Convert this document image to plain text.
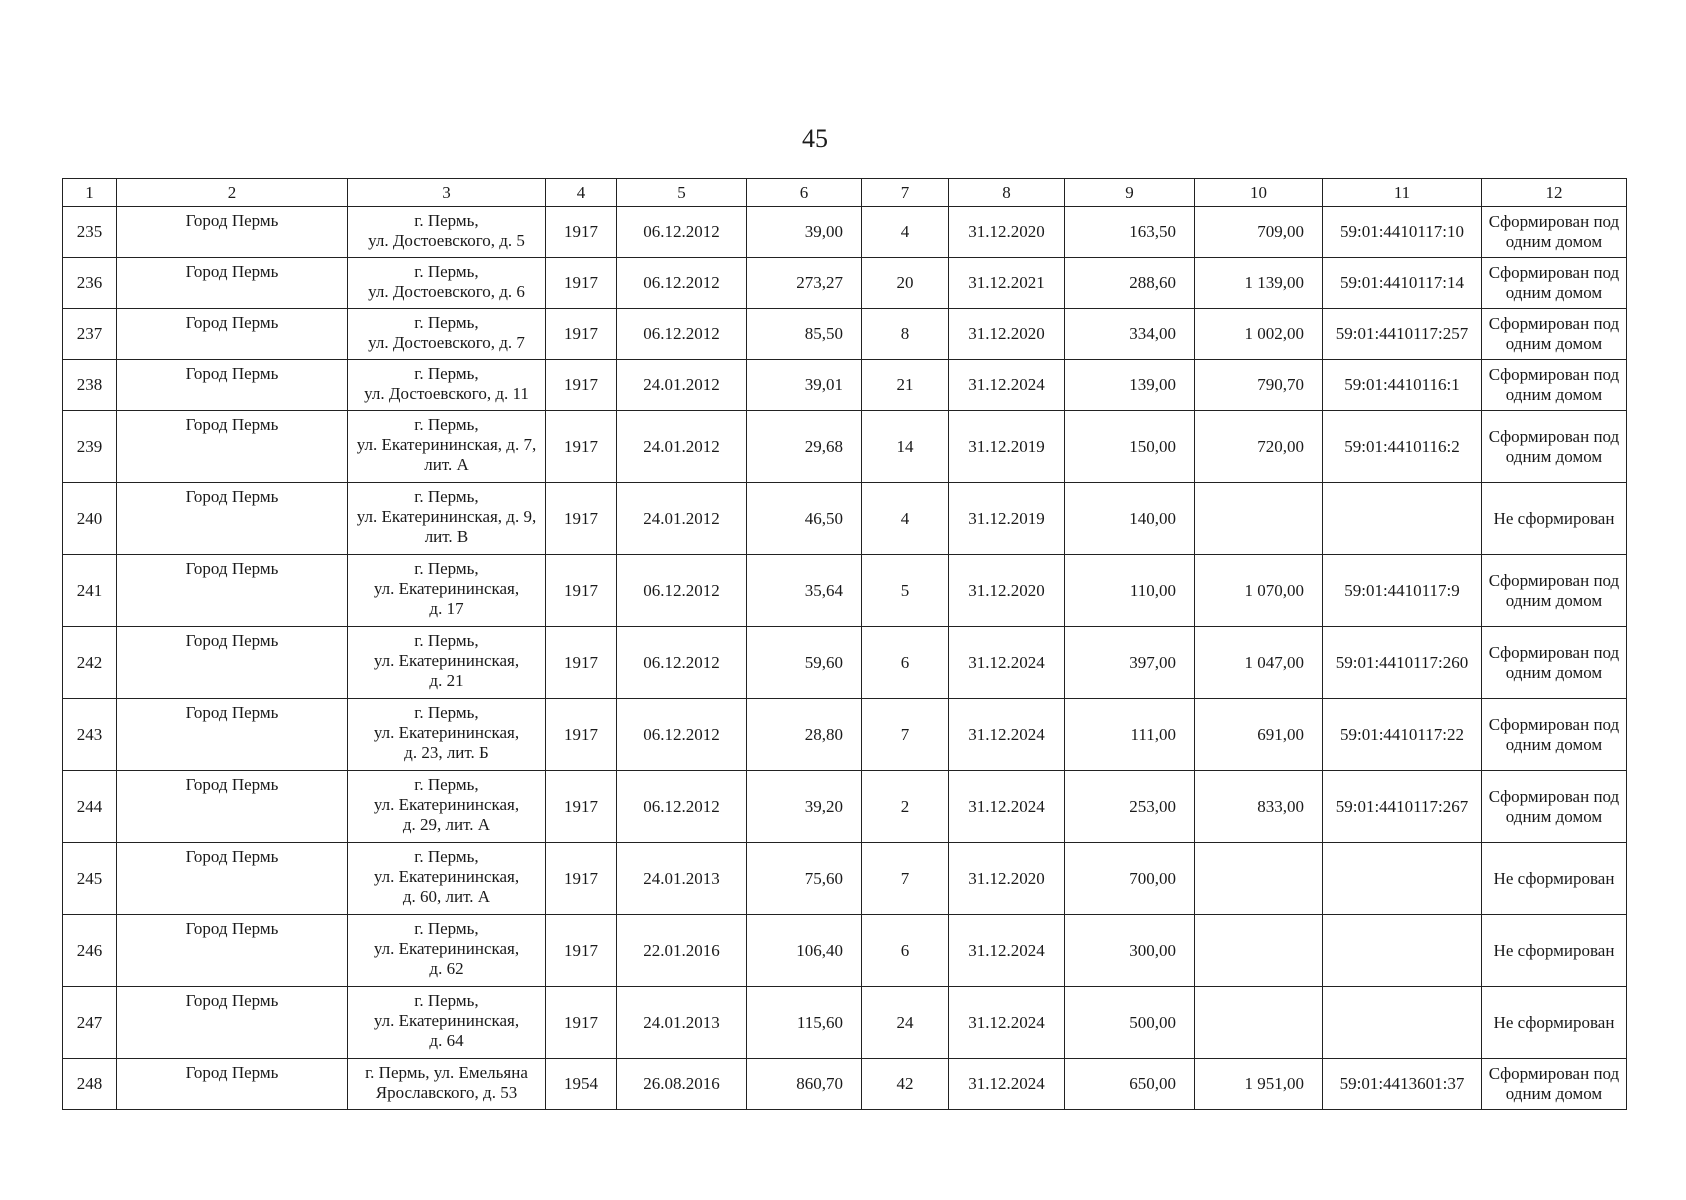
45
1	2	3	4	5	6	7	8	9	10	11	12
235	Город Пермь	г. Пермь,
ул. Достоевского, д. 5	1917	06.12.2012	39,00	4	31.12.2020	163,50	709,00	59:01:4410117:10	Сформирован под одним домом
236	Город Пермь	г. Пермь,
ул. Достоевского, д. 6	1917	06.12.2012	273,27	20	31.12.2021	288,60	1 139,00	59:01:4410117:14	Сформирован под одним домом
237	Город Пермь	г. Пермь,
ул. Достоевского, д. 7	1917	06.12.2012	85,50	8	31.12.2020	334,00	1 002,00	59:01:4410117:257	Сформирован под одним домом
238	Город Пермь	г. Пермь,
ул. Достоевского, д. 11	1917	24.01.2012	39,01	21	31.12.2024	139,00	790,70	59:01:4410116:1	Сформирован под одним домом
239	Город Пермь	г. Пермь,
ул. Екатерининская, д. 7,
лит. А	1917	24.01.2012	29,68	14	31.12.2019	150,00	720,00	59:01:4410116:2	Сформирован под одним домом
240	Город Пермь	г. Пермь,
ул. Екатерининская, д. 9,
лит. В	1917	24.01.2012	46,50	4	31.12.2019	140,00			Не сформирован
241	Город Пермь	г. Пермь,
ул. Екатерининская,
д. 17	1917	06.12.2012	35,64	5	31.12.2020	110,00	1 070,00	59:01:4410117:9	Сформирован под одним домом
242	Город Пермь	г. Пермь,
ул. Екатерининская,
д. 21	1917	06.12.2012	59,60	6	31.12.2024	397,00	1 047,00	59:01:4410117:260	Сформирован под одним домом
243	Город Пермь	г. Пермь,
ул. Екатерининская,
д. 23, лит. Б	1917	06.12.2012	28,80	7	31.12.2024	111,00	691,00	59:01:4410117:22	Сформирован под одним домом
244	Город Пермь	г. Пермь,
ул. Екатерининская,
д. 29, лит. А	1917	06.12.2012	39,20	2	31.12.2024	253,00	833,00	59:01:4410117:267	Сформирован под одним домом
245	Город Пермь	г. Пермь,
ул. Екатерининская,
д. 60, лит. А	1917	24.01.2013	75,60	7	31.12.2020	700,00			Не сформирован
246	Город Пермь	г. Пермь,
ул. Екатерининская,
д. 62	1917	22.01.2016	106,40	6	31.12.2024	300,00			Не сформирован
247	Город Пермь	г. Пермь,
ул. Екатерининская,
д. 64	1917	24.01.2013	115,60	24	31.12.2024	500,00			Не сформирован
248	Город Пермь	г. Пермь, ул. Емельяна
Ярославского, д. 53	1954	26.08.2016	860,70	42	31.12.2024	650,00	1 951,00	59:01:4413601:37	Сформирован под одним домом
